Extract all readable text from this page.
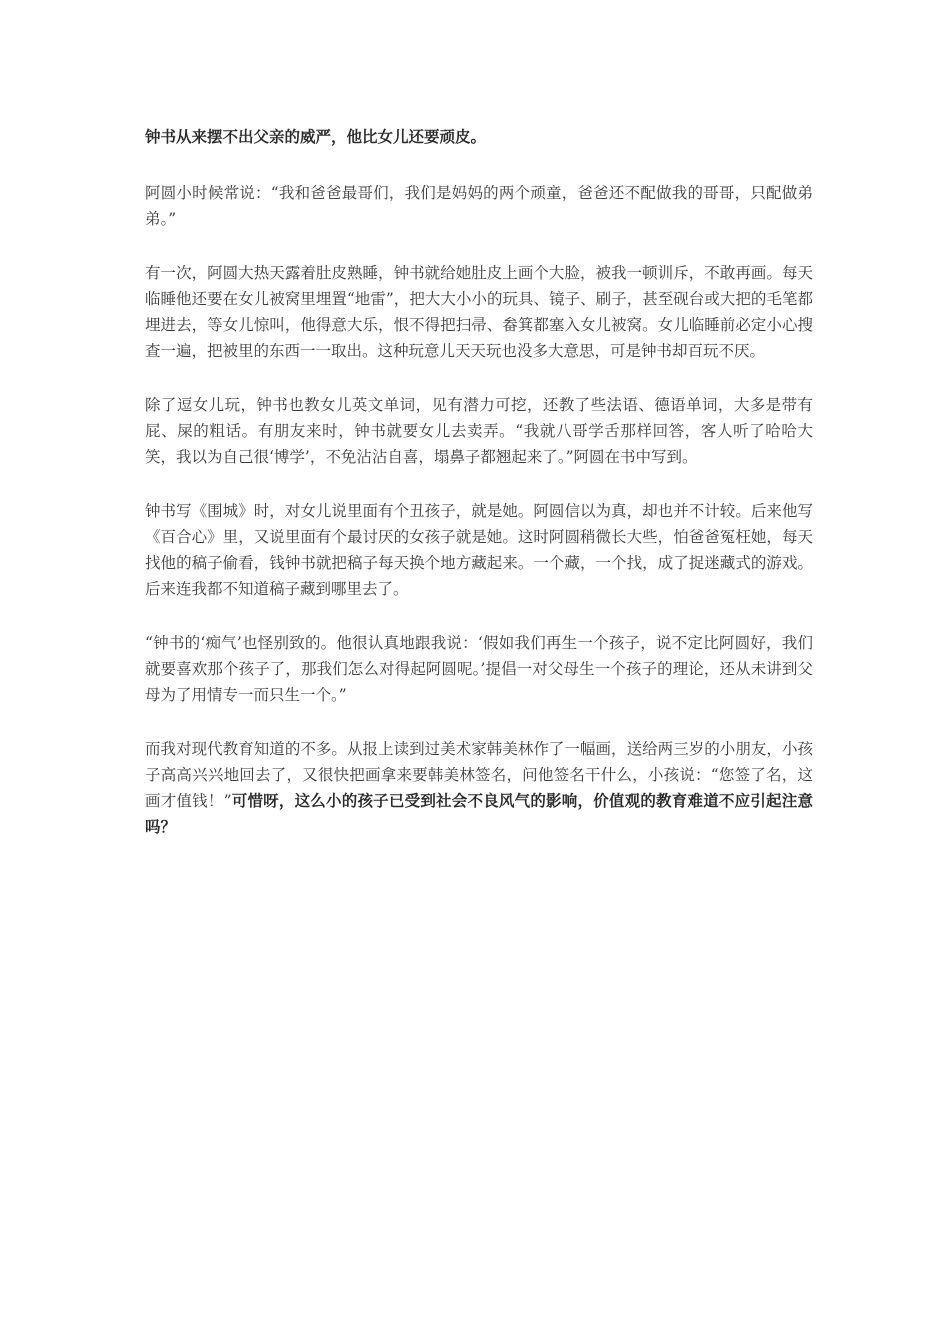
钟书从来摆不出父亲的威严，他比女儿还要顽皮。

阿圆小时候常说：“我和爸爸最哥们，我们是妈妈的两个顽童，爸爸还不配做我的哥哥，只配做弟弟。”

有一次，阿圆大热天露着肚皮熟睡，钟书就给她肚皮上画个大脸，被我一顿训斥，不敢再画。每天临睡他还要在女儿被窝里埋置“地雷”，把大大小小的玩具、镜子、刷子，甚至砚台或大把的毛笔都埋进去，等女儿惊叫，他得意大乐，恨不得把扫帚、畚箕都塞入女儿被窝。女儿临睡前必定小心搜查一遍，把被里的东西一一取出。这种玩意儿天天玩也没多大意思，可是钟书却百玩不厌。

除了逗女儿玩，钟书也教女儿英文单词，见有潜力可挖，还教了些法语、德语单词，大多是带有屁、屎的粗话。有朋友来时，钟书就要女儿去卖弄。“我就八哥学舌那样回答，客人听了哈哈大笑，我以为自己很‘博学’，不免沾沾自喜，塌鼻子都翘起来了。”阿圆在书中写到。

钟书写《围城》时，对女儿说里面有个丑孩子，就是她。阿圆信以为真，却也并不计较。后来他写《百合心》里，又说里面有个最讨厌的女孩子就是她。这时阿圆稍微长大些，怕爸爸冤枉她，每天找他的稿子偷看，钱钟书就把稿子每天换个地方藏起来。一个藏，一个找，成了捉迷藏式的游戏。后来连我都不知道稿子藏到哪里去了。

“钟书的‘痴气’也怪别致的。他很认真地跟我说：‘假如我们再生一个孩子，说不定比阿圆好，我们就要喜欢那个孩子了，那我们怎么对得起阿圆呢。’提倡一对父母生一个孩子的理论，还从未讲到父母为了用情专一而只生一个。”

而我对现代教育知道的不多。从报上读到过美术家韩美林作了一幅画，送给两三岁的小朋友，小孩子高高兴兴地回去了，又很快把画拿来要韩美林签名，问他签名干什么，小孩说：“您签了名，这画才值钱！”可惜呀，这么小的孩子已受到社会不良风气的影响，价值观的教育难道不应引起注意吗？
